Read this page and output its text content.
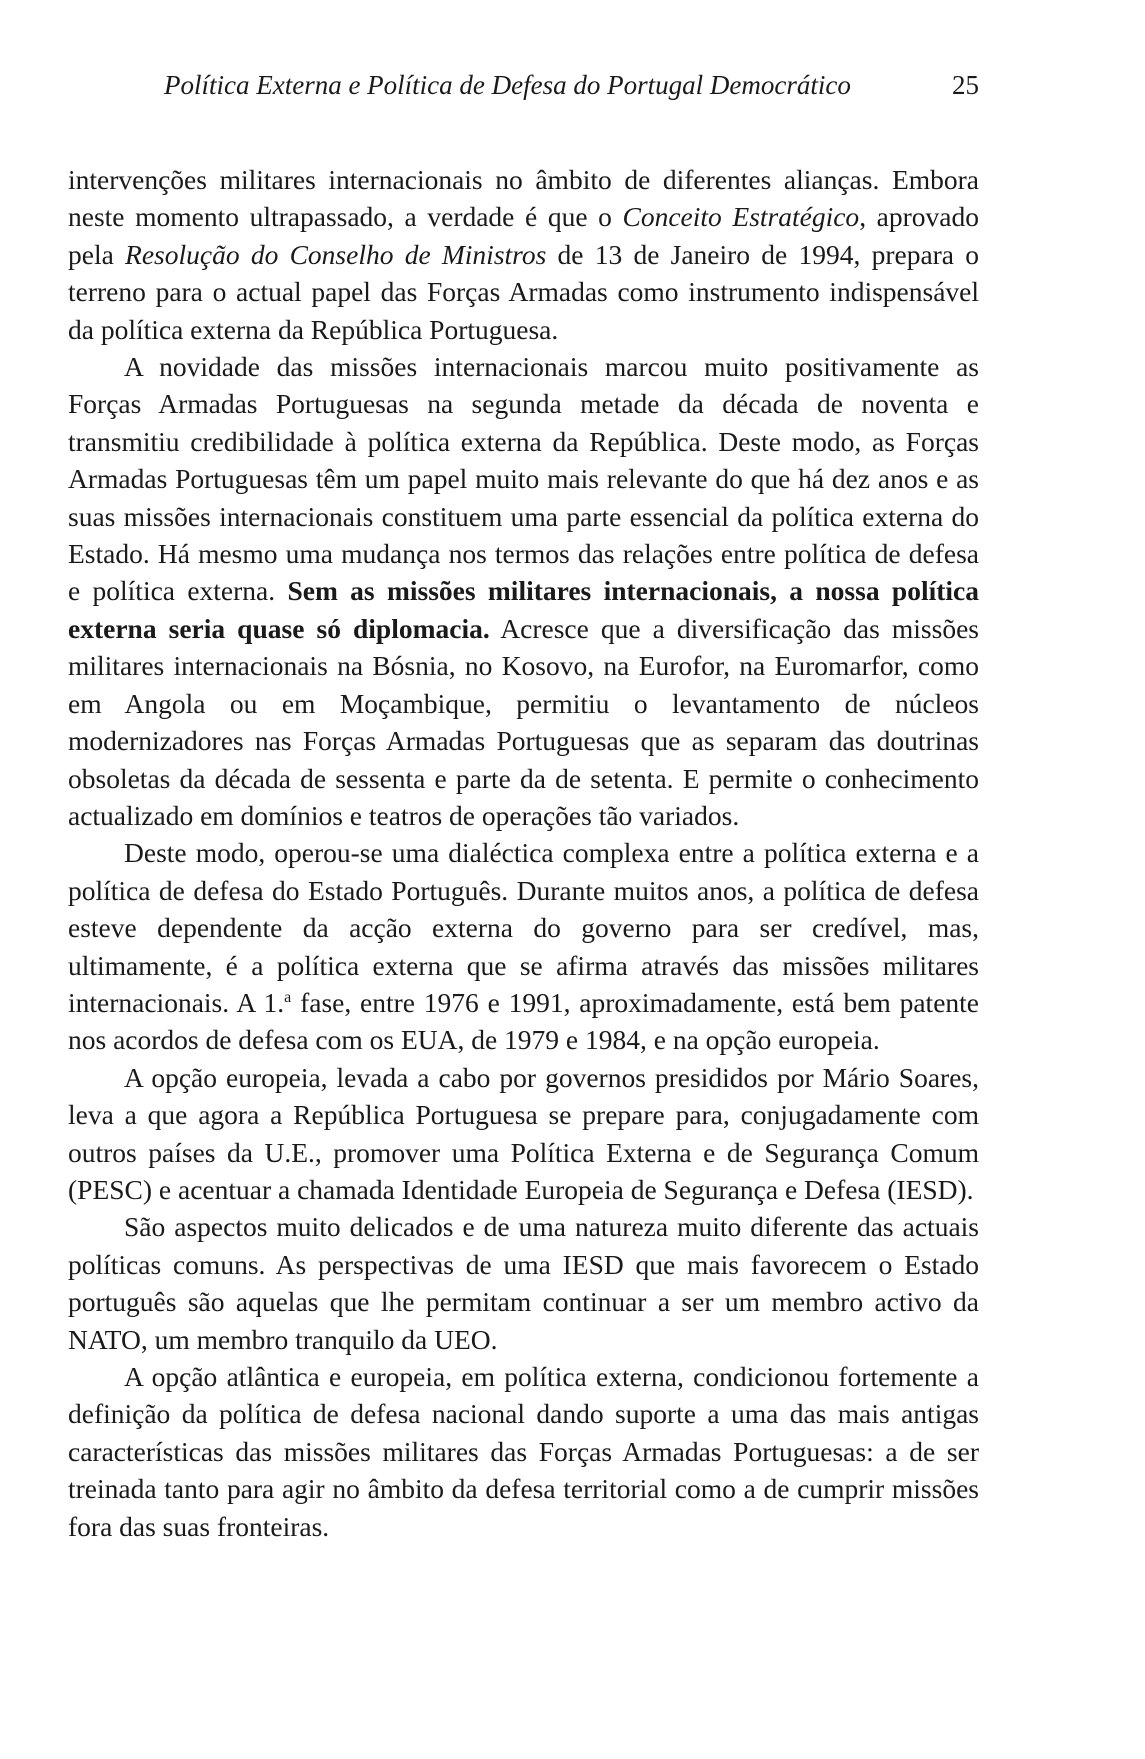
Política Externa e Política de Defesa do Portugal Democrático	25

intervenções militares internacionais no âmbito de diferentes alianças. Embora neste momento ultrapassado, a verdade é que o Conceito Estratégico, aprovado pela Resolução do Conselho de Ministros de 13 de Janeiro de 1994, prepara o terreno para o actual papel das Forças Armadas como instrumento indispensável da política externa da República Portuguesa.

A novidade das missões internacionais marcou muito positivamente as Forças Armadas Portuguesas na segunda metade da década de noventa e transmitiu credibilidade à política externa da República. Deste modo, as Forças Armadas Portuguesas têm um papel muito mais relevante do que há dez anos e as suas missões internacionais constituem uma parte essencial da política externa do Estado. Há mesmo uma mudança nos termos das relações entre política de defesa e política externa. Sem as missões militares internacionais, a nossa política externa seria quase só diplomacia. Acresce que a diversificação das missões militares internacionais na Bósnia, no Kosovo, na Eurofor, na Euromarfor, como em Angola ou em Moçambique, permitiu o levantamento de núcleos modernizadores nas Forças Armadas Portuguesas que as separam das doutrinas obsoletas da década de sessenta e parte da de setenta. E permite o conhecimento actualizado em domínios e teatros de operações tão variados.

Deste modo, operou-se uma dialéctica complexa entre a política externa e a política de defesa do Estado Português. Durante muitos anos, a política de defesa esteve dependente da acção externa do governo para ser credível, mas, ultimamente, é a política externa que se afirma através das missões militares internacionais. A 1.$^a$ fase, entre 1976 e 1991, aproximadamente, está bem patente nos acordos de defesa com os EUA, de 1979 e 1984, e na opção europeia.

A opção europeia, levada a cabo por governos presididos por Mário Soares, leva a que agora a República Portuguesa se prepare para, conjugadamente com outros países da U.E., promover uma Política Externa e de Segurança Comum (PESC) e acentuar a chamada Identidade Europeia de Segurança e Defesa (IESD).

São aspectos muito delicados e de uma natureza muito diferente das actuais políticas comuns. As perspectivas de uma IESD que mais favorecem o Estado português são aquelas que lhe permitam continuar a ser um membro activo da NATO, um membro tranquilo da UEO.

A opção atlântica e europeia, em política externa, condicionou fortemente a definição da política de defesa nacional dando suporte a uma das mais antigas características das missões militares das Forças Armadas Portuguesas: a de ser treinada tanto para agir no âmbito da defesa territorial como a de cumprir missões fora das suas fronteiras.
